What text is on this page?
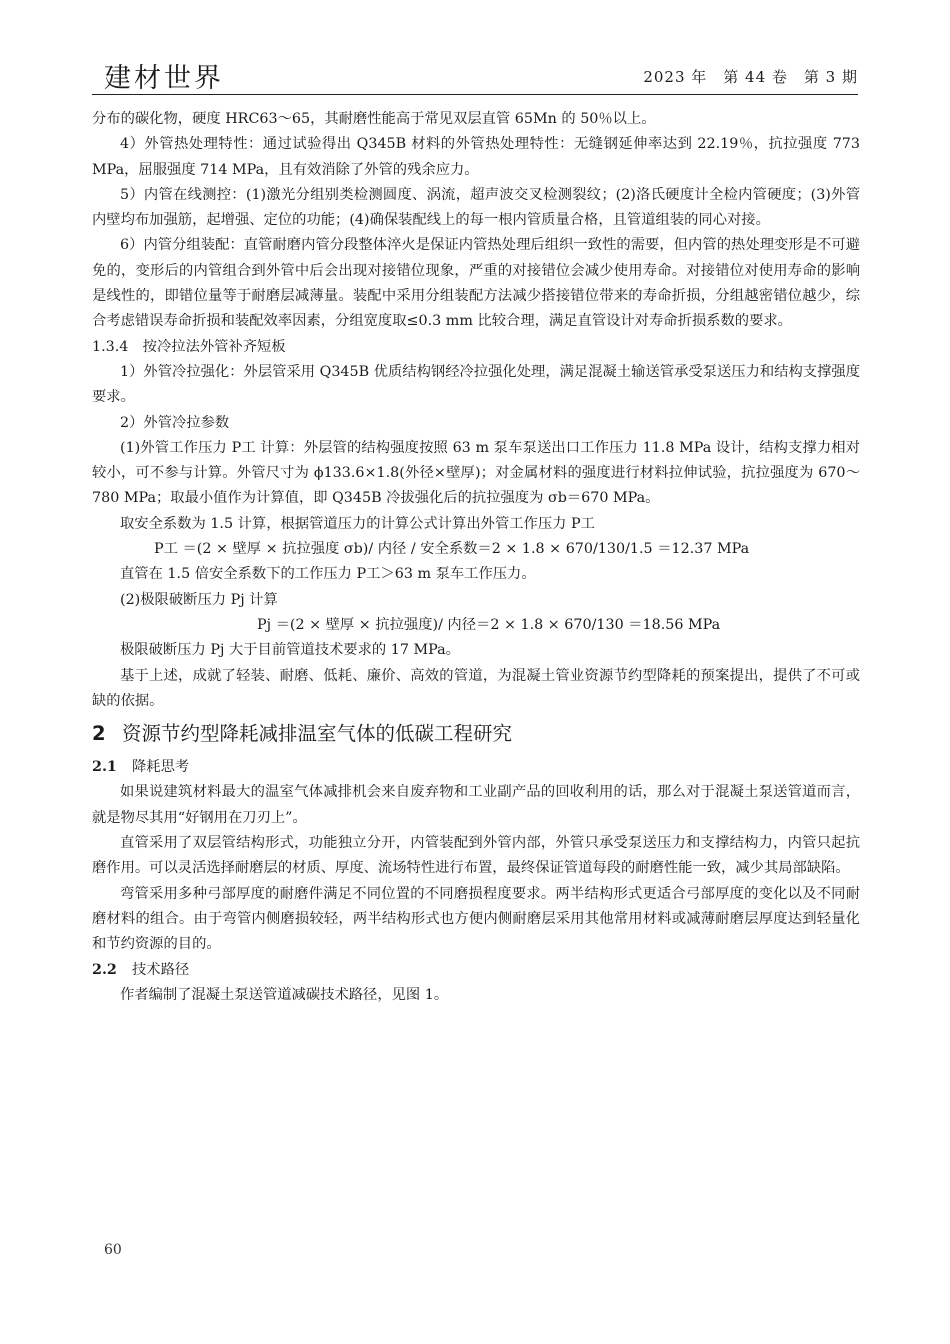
建材世界	2023 年　第 44 卷　第 3 期

分布的碳化物，硬度 HRC63～65，其耐磨性能高于常见双层直管 65Mn 的 50％以上。

4）外管热处理特性：通过试验得出 Q345B 材料的外管热处理特性：无缝钢延伸率达到 22.19％，抗拉强度 773 MPa，屈服强度 714 MPa，且有效消除了外管的残余应力。

5）内管在线测控：(1)激光分组别类检测圆度、涡流，超声波交叉检测裂纹；(2)洛氏硬度计全检内管硬度；(3)外管内壁均布加强筋，起增强、定位的功能；(4)确保装配线上的每一根内管质量合格，且管道组装的同心对接。

6）内管分组装配：直管耐磨内管分段整体淬火是保证内管热处理后组织一致性的需要，但内管的热处理变形是不可避免的，变形后的内管组合到外管中后会出现对接错位现象，严重的对接错位会减少使用寿命。对接错位对使用寿命的影响是线性的，即错位量等于耐磨层减薄量。装配中采用分组装配方法减少搭接错位带来的寿命折损，分组越密错位越少，综合考虑错误寿命折损和装配效率因素，分组宽度取≤0.3 mm 比较合理，满足直管设计对寿命折损系数的要求。

1.3.4　按冷拉法外管补齐短板

1）外管冷拉强化：外层管采用 Q345B 优质结构钢经冷拉强化处理，满足混凝土输送管承受泵送压力和结构支撑强度要求。

2）外管冷拉参数

(1)外管工作压力 P工 计算：外层管的结构强度按照 63 m 泵车泵送出口工作压力 11.8 MPa 设计，结构支撑力相对较小，可不参与计算。外管尺寸为 ϕ133.6×1.8(外径×壁厚)；对金属材料的强度进行材料拉伸试验，抗拉强度为 670～780 MPa；取最小值作为计算值，即 Q345B 冷拔强化后的抗拉强度为 σb＝670 MPa。

取安全系数为 1.5 计算，根据管道压力的计算公式计算出外管工作压力 P工

P工 ＝(2 × 壁厚 × 抗拉强度 σb)/ 内径 / 安全系数＝2 × 1.8 × 670/130/1.5 ＝12.37 MPa

直管在 1.5 倍安全系数下的工作压力 P工＞63 m 泵车工作压力。

(2)极限破断压力 Pj 计算

Pj ＝(2 × 壁厚 × 抗拉强度)/ 内径＝2 × 1.8 × 670/130 ＝18.56 MPa

极限破断压力 Pj 大于目前管道技术要求的 17 MPa。

基于上述，成就了轻装、耐磨、低耗、廉价、高效的管道，为混凝土管业资源节约型降耗的预案提出，提供了不可或缺的依据。

2 资源节约型降耗减排温室气体的低碳工程研究

2.1 降耗思考

如果说建筑材料最大的温室气体减排机会来自废弃物和工业副产品的回收利用的话，那么对于混凝土泵送管道而言，就是物尽其用“好钢用在刀刃上”。

直管采用了双层管结构形式，功能独立分开，内管装配到外管内部，外管只承受泵送压力和支撑结构力，内管只起抗磨作用。可以灵活选择耐磨层的材质、厚度、流场特性进行布置，最终保证管道每段的耐磨性能一致，减少其局部缺陷。

弯管采用多种弓部厚度的耐磨件满足不同位置的不同磨损程度要求。两半结构形式更适合弓部厚度的变化以及不同耐磨材料的组合。由于弯管内侧磨损较轻，两半结构形式也方便内侧耐磨层采用其他常用材料或减薄耐磨层厚度达到轻量化和节约资源的目的。

2.2 技术路径

作者编制了混凝土泵送管道减碳技术路径，见图 1。

60
